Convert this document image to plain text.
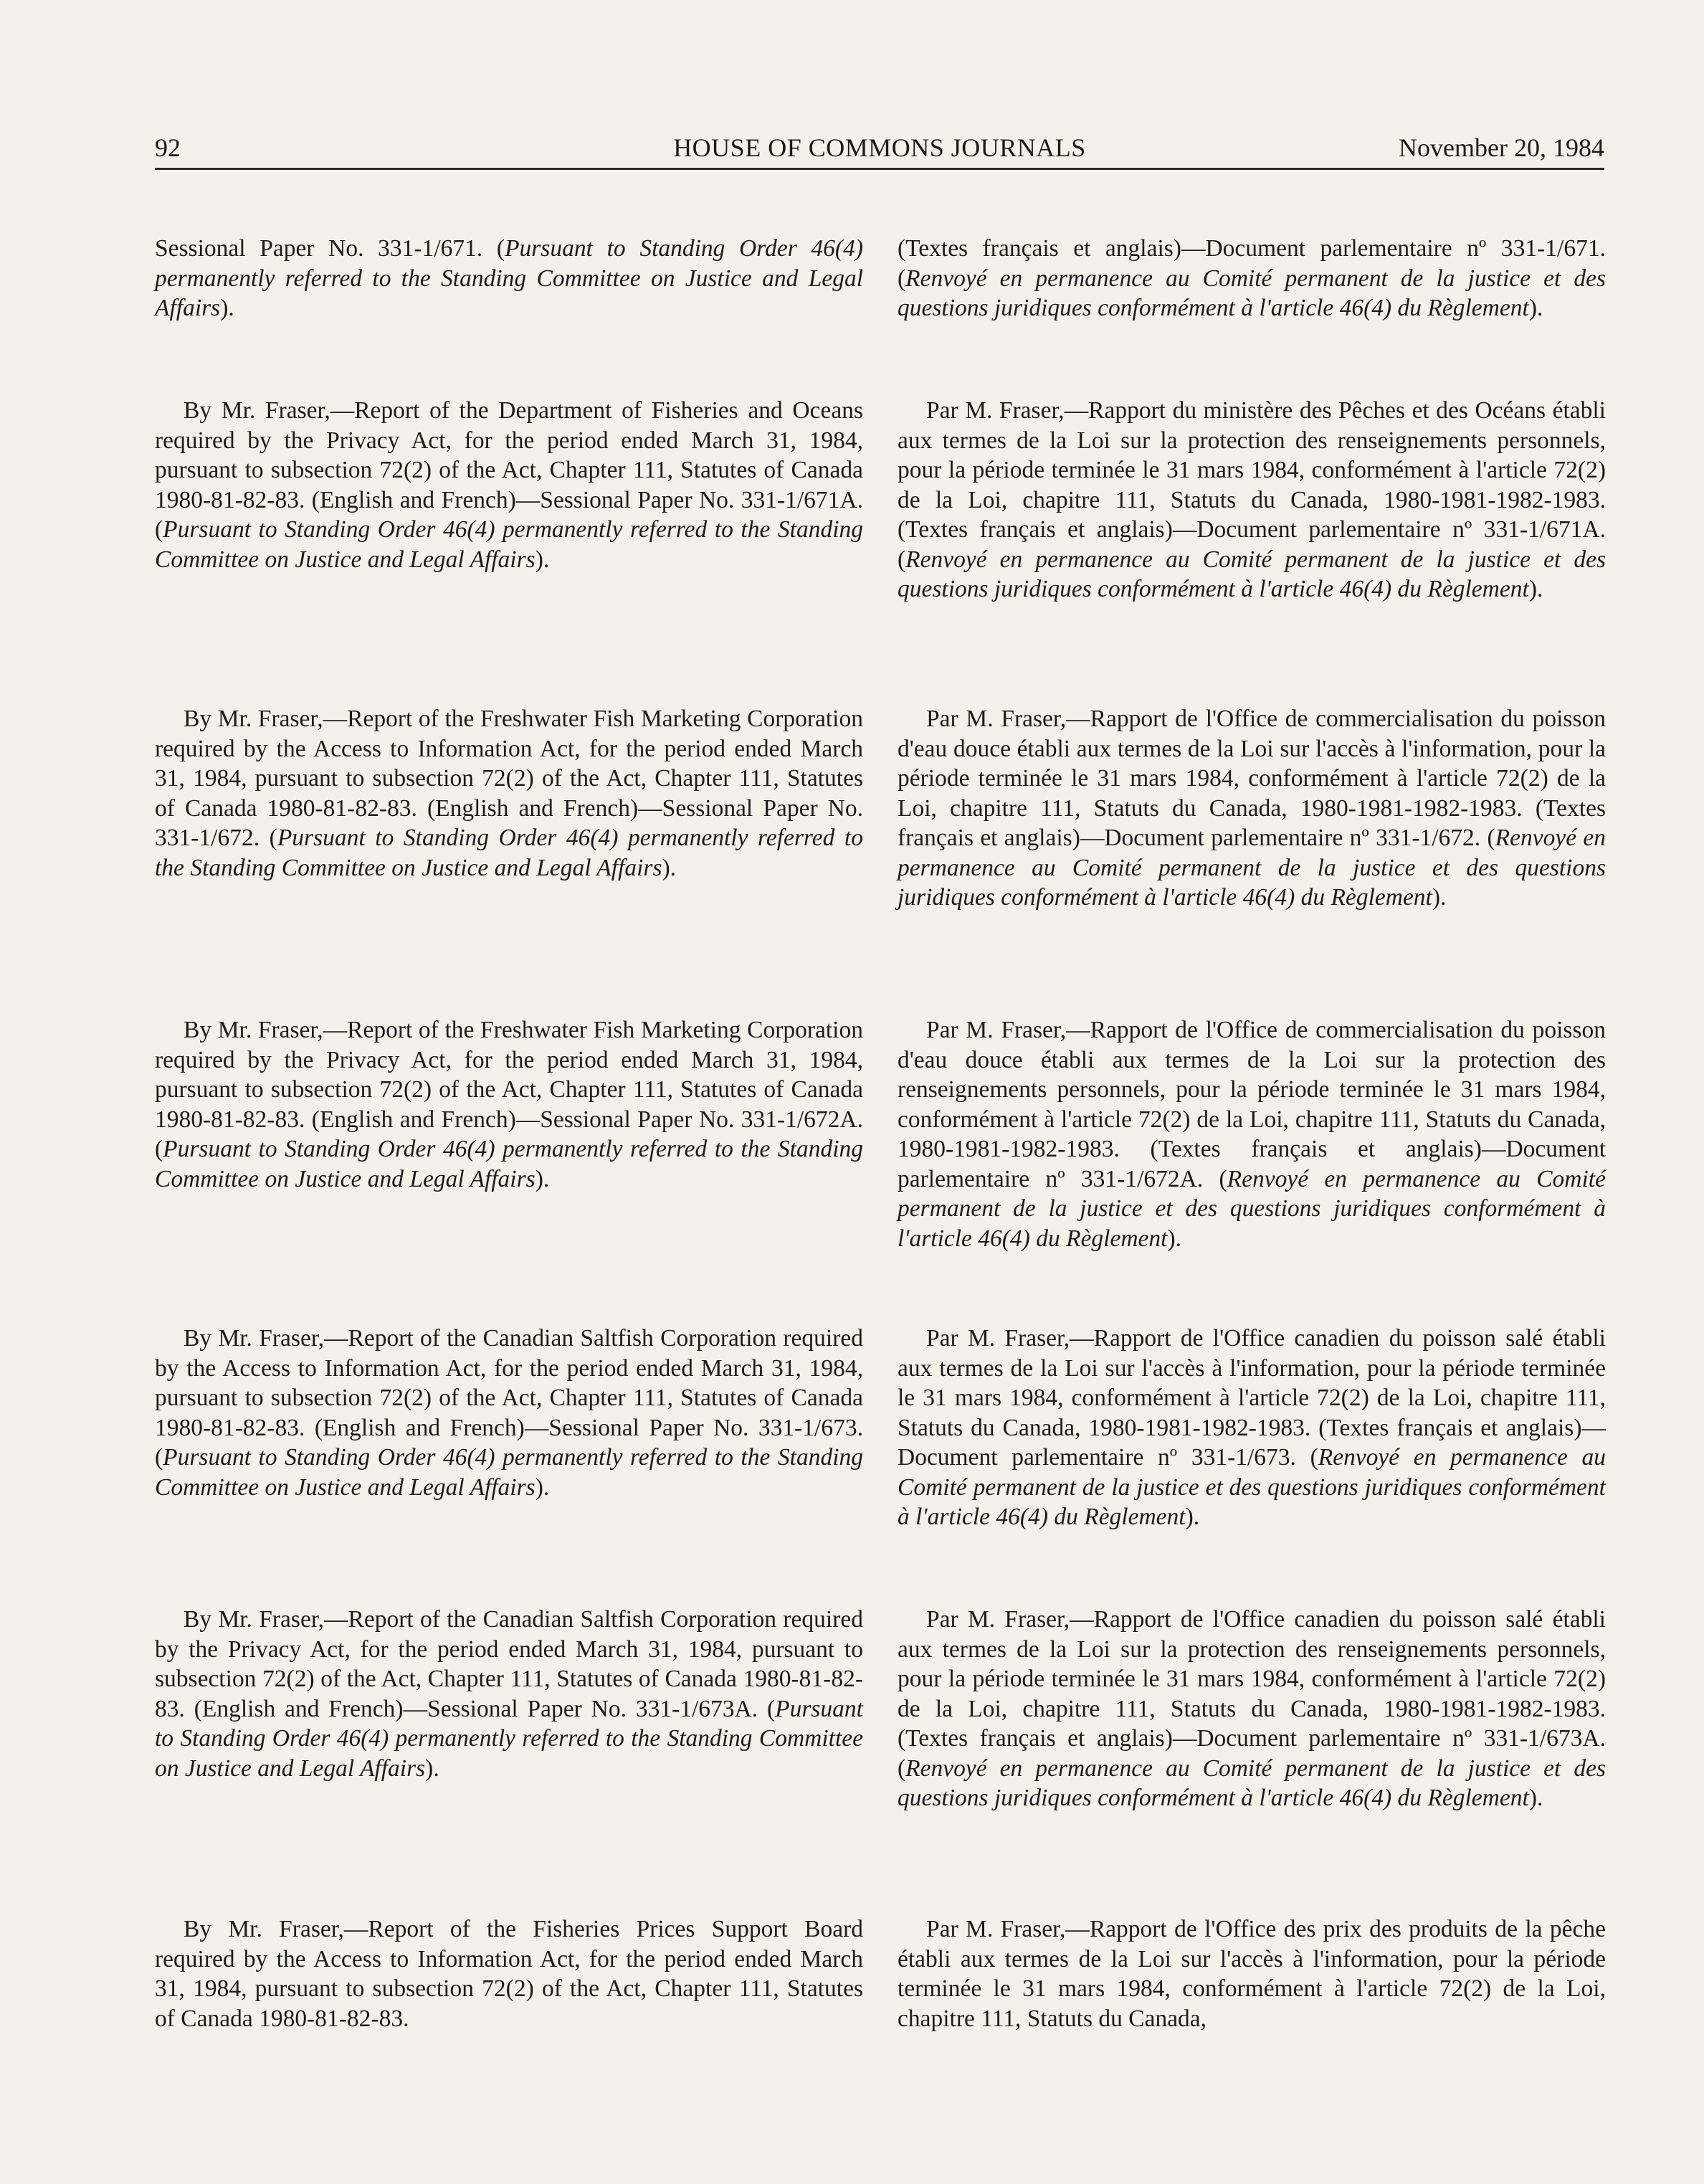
92	HOUSE OF COMMONS JOURNALS	November 20, 1984

Sessional Paper No. 331-1/671. (Pursuant to Standing Order 46(4) permanently referred to the Standing Committee on Justice and Legal Affairs).

By Mr. Fraser,—Report of the Department of Fisheries and Oceans required by the Privacy Act, for the period ended March 31, 1984, pursuant to subsection 72(2) of the Act, Chapter 111, Statutes of Canada 1980-81-82-83. (English and French)—Sessional Paper No. 331-1/671A. (Pursuant to Standing Order 46(4) permanently referred to the Standing Committee on Justice and Legal Affairs).

By Mr. Fraser,—Report of the Freshwater Fish Marketing Corporation required by the Access to Information Act, for the period ended March 31, 1984, pursuant to subsection 72(2) of the Act, Chapter 111, Statutes of Canada 1980-81-82-83. (English and French)—Sessional Paper No. 331-1/672. (Pursuant to Standing Order 46(4) permanently referred to the Standing Committee on Justice and Legal Affairs).

By Mr. Fraser,—Report of the Freshwater Fish Marketing Corporation required by the Privacy Act, for the period ended March 31, 1984, pursuant to subsection 72(2) of the Act, Chapter 111, Statutes of Canada 1980-81-82-83. (English and French)—Sessional Paper No. 331-1/672A. (Pursuant to Standing Order 46(4) permanently referred to the Standing Committee on Justice and Legal Affairs).

By Mr. Fraser,—Report of the Canadian Saltfish Corporation required by the Access to Information Act, for the period ended March 31, 1984, pursuant to subsection 72(2) of the Act, Chapter 111, Statutes of Canada 1980-81-82-83. (English and French)—Sessional Paper No. 331-1/673. (Pursuant to Standing Order 46(4) permanently referred to the Standing Committee on Justice and Legal Affairs).

By Mr. Fraser,—Report of the Canadian Saltfish Corporation required by the Privacy Act, for the period ended March 31, 1984, pursuant to subsection 72(2) of the Act, Chapter 111, Statutes of Canada 1980-81-82-83. (English and French)—Sessional Paper No. 331-1/673A. (Pursuant to Standing Order 46(4) permanently referred to the Standing Committee on Justice and Legal Affairs).

By Mr. Fraser,—Report of the Fisheries Prices Support Board required by the Access to Information Act, for the period ended March 31, 1984, pursuant to subsection 72(2) of the Act, Chapter 111, Statutes of Canada 1980-81-82-83.

(Textes français et anglais)—Document parlementaire nº 331-1/671. (Renvoyé en permanence au Comité permanent de la justice et des questions juridiques conformément à l'article 46(4) du Règlement).

Par M. Fraser,—Rapport du ministère des Pêches et des Océans établi aux termes de la Loi sur la protection des renseignements personnels, pour la période terminée le 31 mars 1984, conformément à l'article 72(2) de la Loi, chapitre 111, Statuts du Canada, 1980-1981-1982-1983. (Textes français et anglais)—Document parlementaire nº 331-1/671A. (Renvoyé en permanence au Comité permanent de la justice et des questions juridiques conformément à l'article 46(4) du Règlement).

Par M. Fraser,—Rapport de l'Office de commercialisation du poisson d'eau douce établi aux termes de la Loi sur l'accès à l'information, pour la période terminée le 31 mars 1984, conformément à l'article 72(2) de la Loi, chapitre 111, Statuts du Canada, 1980-1981-1982-1983. (Textes français et anglais)—Document parlementaire nº 331-1/672. (Renvoyé en permanence au Comité permanent de la justice et des questions juridiques conformément à l'article 46(4) du Règlement).

Par M. Fraser,—Rapport de l'Office de commercialisation du poisson d'eau douce établi aux termes de la Loi sur la protection des renseignements personnels, pour la période terminée le 31 mars 1984, conformément à l'article 72(2) de la Loi, chapitre 111, Statuts du Canada, 1980-1981-1982-1983. (Textes français et anglais)—Document parlementaire nº 331-1/672A. (Renvoyé en permanence au Comité permanent de la justice et des questions juridiques conformément à l'article 46(4) du Règlement).

Par M. Fraser,—Rapport de l'Office canadien du poisson salé établi aux termes de la Loi sur l'accès à l'information, pour la période terminée le 31 mars 1984, conformément à l'article 72(2) de la Loi, chapitre 111, Statuts du Canada, 1980-1981-1982-1983. (Textes français et anglais)—Document parlementaire nº 331-1/673. (Renvoyé en permanence au Comité permanent de la justice et des questions juridiques conformément à l'article 46(4) du Règlement).

Par M. Fraser,—Rapport de l'Office canadien du poisson salé établi aux termes de la Loi sur la protection des renseignements personnels, pour la période terminée le 31 mars 1984, conformément à l'article 72(2) de la Loi, chapitre 111, Statuts du Canada, 1980-1981-1982-1983. (Textes français et anglais)—Document parlementaire nº 331-1/673A. (Renvoyé en permanence au Comité permanent de la justice et des questions juridiques conformément à l'article 46(4) du Règlement).

Par M. Fraser,—Rapport de l'Office des prix des produits de la pêche établi aux termes de la Loi sur l'accès à l'information, pour la période terminée le 31 mars 1984, conformément à l'article 72(2) de la Loi, chapitre 111, Statuts du Canada,
